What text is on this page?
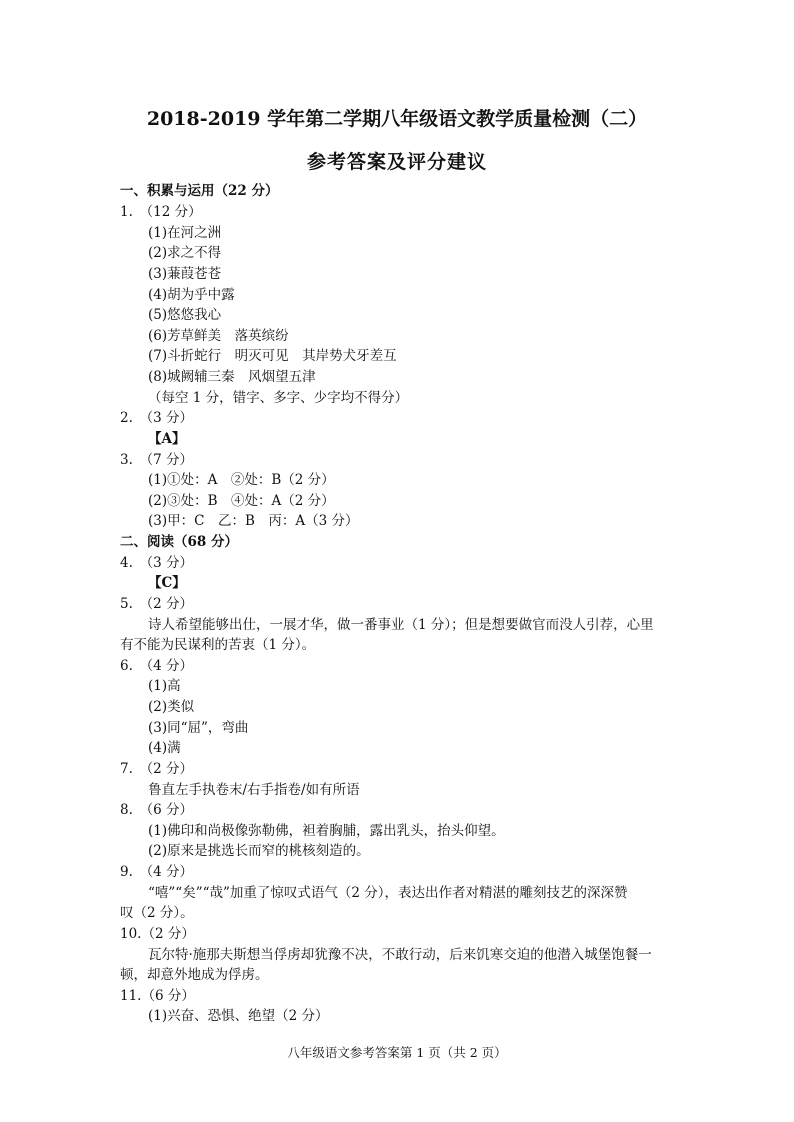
2018-2019 学年第二学期八年级语文教学质量检测（二）
参考答案及评分建议
一、积累与运用（22 分）
1.　（12 分）
(1)在河之洲
(2)求之不得
(3)蒹葭苍苍
(4)胡为乎中露
(5)悠悠我心
(6)芳草鲜美　落英缤纷
(7)斗折蛇行　明灭可见　其岸势犬牙差互
(8)城阙辅三秦　风烟望五津
（每空 1 分，错字、多字、少字均不得分）
2.　（3 分）
【A】
3.　（7 分）
(1)①处：A　②处：B（2 分）
(2)③处：B　④处：A（2 分）
(3)甲：C　乙：B　丙：A（3 分）
二、阅读（68 分）
4.　（3 分）
【C】
5.　（2 分）
诗人希望能够出仕，一展才华，做一番事业（1 分）；但是想要做官而没人引荐，心里
有不能为民谋利的苦衷（1 分）。
6.　（4 分）
(1)高
(2)类似
(3)同“屈”，弯曲
(4)满
7.　（2 分）
鲁直左手执卷末/右手指卷/如有所语
8.　（6 分）
(1)佛印和尚极像弥勒佛，袒着胸脯，露出乳头，抬头仰望。
(2)原来是挑选长而窄的桃核刻造的。
9.　（4 分）
“嘻”“矣”“哉”加重了惊叹式语气（2 分），表达出作者对精湛的雕刻技艺的深深赞
叹（2 分）。
10.（2 分）
瓦尔特·施那夫斯想当俘虏却犹豫不决，不敢行动，后来饥寒交迫的他潜入城堡饱餐一
顿，却意外地成为俘虏。
11.（6 分）
(1)兴奋、恐惧、绝望（2 分）
八年级语文参考答案第 1 页（共 2 页）
